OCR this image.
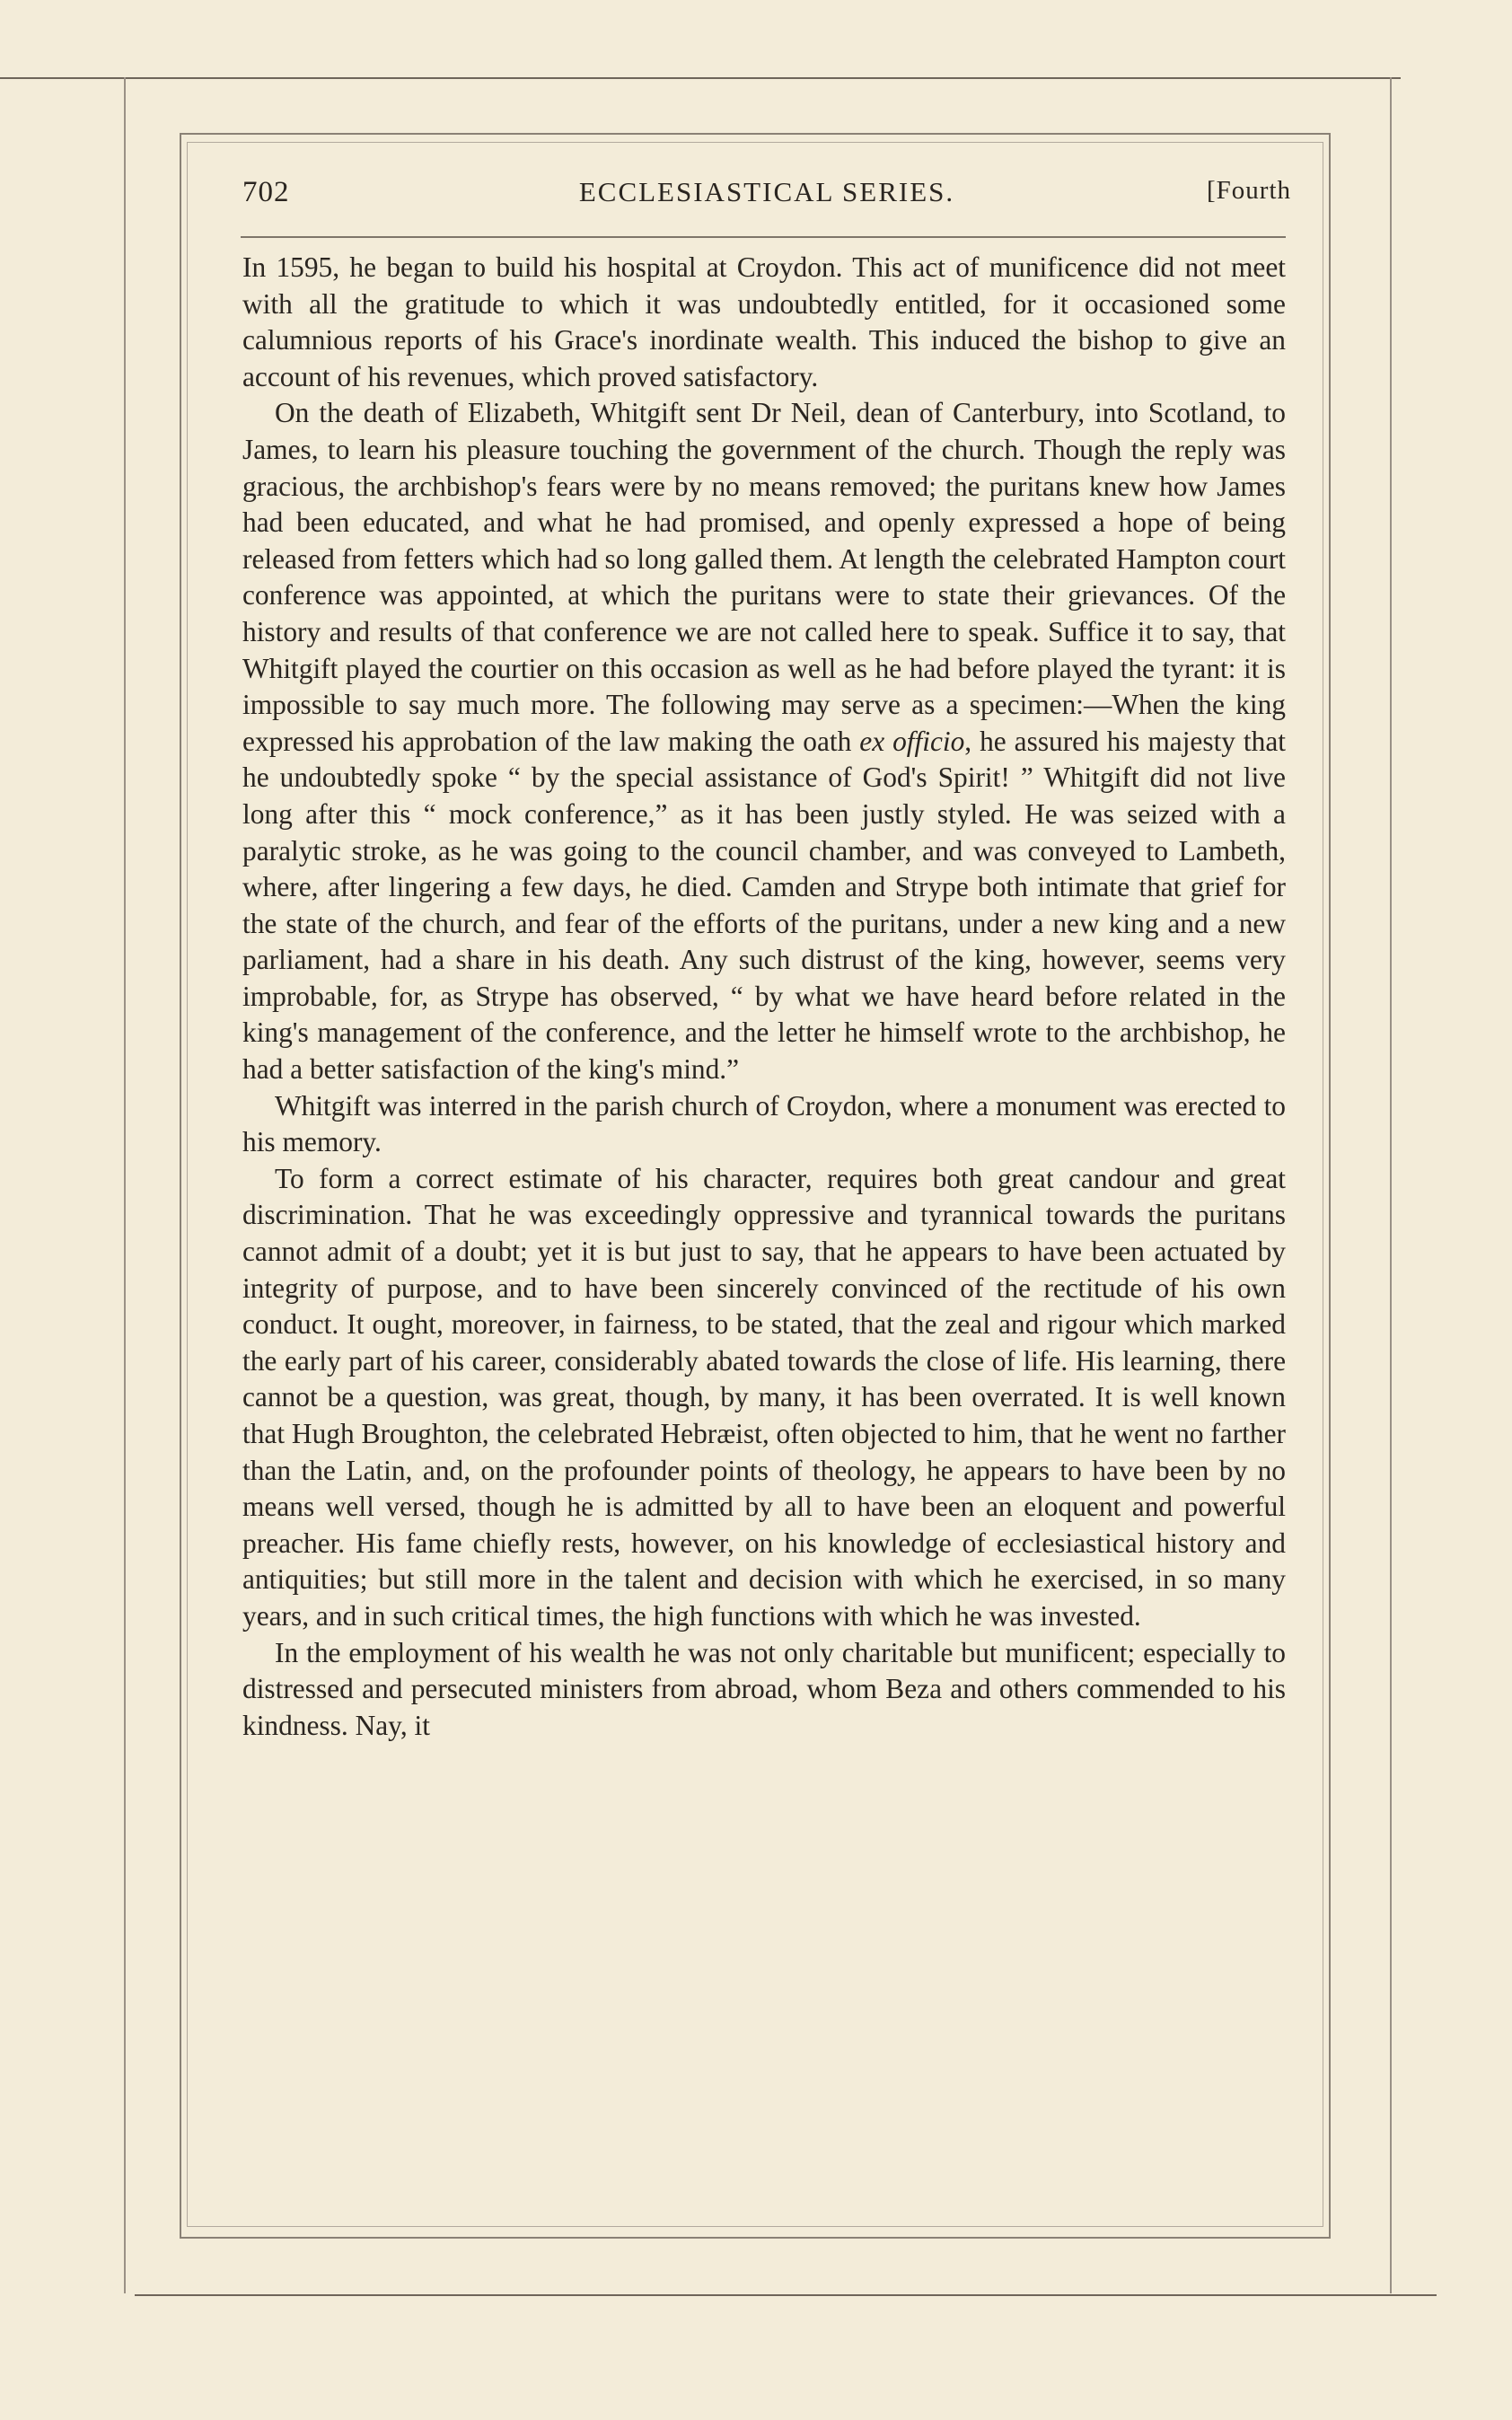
702	ECCLESIASTICAL SERIES.	[Fourth

In 1595, he began to build his hospital at Croydon. This act of munificence did not meet with all the gratitude to which it was undoubtedly entitled, for it occasioned some calumnious reports of his Grace's inordinate wealth. This induced the bishop to give an account of his revenues, which proved satisfactory.

On the death of Elizabeth, Whitgift sent Dr Neil, dean of Canterbury, into Scotland, to James, to learn his pleasure touching the government of the church. Though the reply was gracious, the archbishop's fears were by no means removed; the puritans knew how James had been educated, and what he had promised, and openly expressed a hope of being released from fetters which had so long galled them. At length the celebrated Hampton court conference was appointed, at which the puritans were to state their grievances. Of the history and results of that conference we are not called here to speak. Suffice it to say, that Whitgift played the courtier on this occasion as well as he had before played the tyrant: it is impossible to say much more. The following may serve as a specimen:—When the king expressed his approbation of the law making the oath ex officio, he assured his majesty that he undoubtedly spoke “ by the special assistance of God's Spirit! ” Whitgift did not live long after this “ mock conference,” as it has been justly styled. He was seized with a paralytic stroke, as he was going to the council chamber, and was conveyed to Lambeth, where, after lingering a few days, he died. Camden and Strype both intimate that grief for the state of the church, and fear of the efforts of the puritans, under a new king and a new parliament, had a share in his death. Any such distrust of the king, however, seems very improbable, for, as Strype has observed, “ by what we have heard before related in the king's management of the conference, and the letter he himself wrote to the archbishop, he had a better satisfaction of the king's mind.”

Whitgift was interred in the parish church of Croydon, where a monument was erected to his memory.

To form a correct estimate of his character, requires both great candour and great discrimination. That he was exceedingly oppressive and tyrannical towards the puritans cannot admit of a doubt; yet it is but just to say, that he appears to have been actuated by integrity of purpose, and to have been sincerely convinced of the rectitude of his own conduct. It ought, moreover, in fairness, to be stated, that the zeal and rigour which marked the early part of his career, considerably abated towards the close of life. His learning, there cannot be a question, was great, though, by many, it has been overrated. It is well known that Hugh Broughton, the celebrated Hebræist, often objected to him, that he went no farther than the Latin, and, on the profounder points of theology, he appears to have been by no means well versed, though he is admitted by all to have been an eloquent and powerful preacher. His fame chiefly rests, however, on his knowledge of ecclesiastical history and antiquities; but still more in the talent and decision with which he exercised, in so many years, and in such critical times, the high functions with which he was invested.

In the employment of his wealth he was not only charitable but munificent; especially to distressed and persecuted ministers from abroad, whom Beza and others commended to his kindness. Nay, it
